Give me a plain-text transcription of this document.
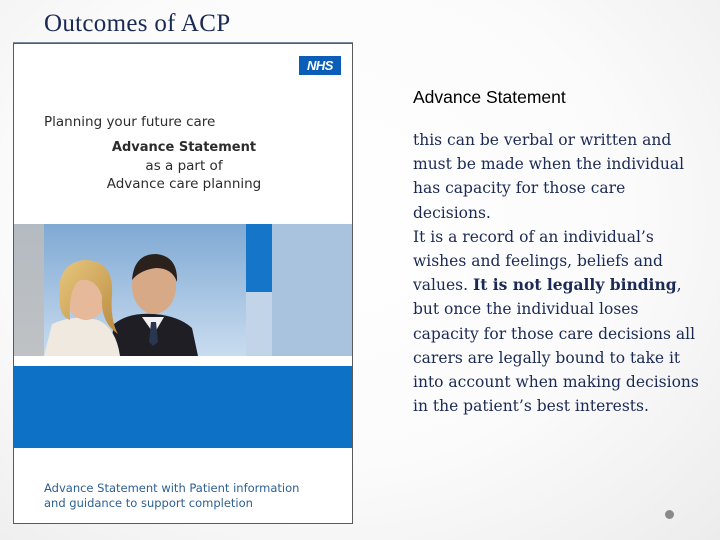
Outcomes of ACP
NHS
Planning your future care
Advance Statement
as a part of
Advance care planning
Advance Statement with Patient information
and guidance to support completion
Advance Statement

this can be verbal or written and must be made when the individual has capacity for those care decisions.
It is a record of an individual’s wishes and feelings, beliefs and values. It is not legally binding, but once the individual loses capacity for those care decisions all carers are legally bound to take it into account when making decisions in the patient’s best interests.
